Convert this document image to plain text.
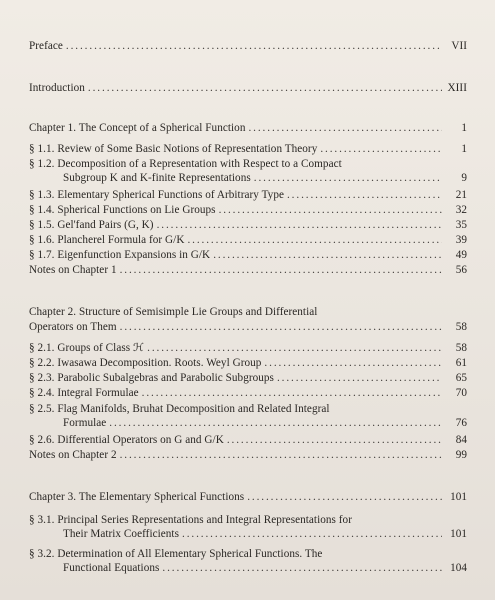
Preface .....	VII
Introduction .....	XIII
Chapter 1. The Concept of a Spherical Function .....	1
§ 1.1. Review of Some Basic Notions of Representation Theory .....	1
§ 1.2. Decomposition of a Representation with Respect to a Compact
Subgroup K and K-finite Representations .....	9
§ 1.3. Elementary Spherical Functions of Arbitrary Type .....	21
§ 1.4. Spherical Functions on Lie Groups .....	32
§ 1.5. Gel'fand Pairs (G, K) .....	35
§ 1.6. Plancherel Formula for G/K .....	39
§ 1.7. Eigenfunction Expansions in G/K .....	49
Notes on Chapter 1 .....	56
Chapter 2. Structure of Semisimple Lie Groups and Differential
Operators on Them .....	58
§ 2.1. Groups of Class ℋ .....	58
§ 2.2. Iwasawa Decomposition. Roots. Weyl Group .....	61
§ 2.3. Parabolic Subalgebras and Parabolic Subgroups .....	65
§ 2.4. Integral Formulae .....	70
§ 2.5. Flag Manifolds, Bruhat Decomposition and Related Integral
Formulae .....	76
§ 2.6. Differential Operators on G and G/K .....	84
Notes on Chapter 2 .....	99
Chapter 3. The Elementary Spherical Functions .....	101
§ 3.1. Principal Series Representations and Integral Representations for
Their Matrix Coefficients .....	101
§ 3.2. Determination of All Elementary Spherical Functions. The
Functional Equations .....	104
